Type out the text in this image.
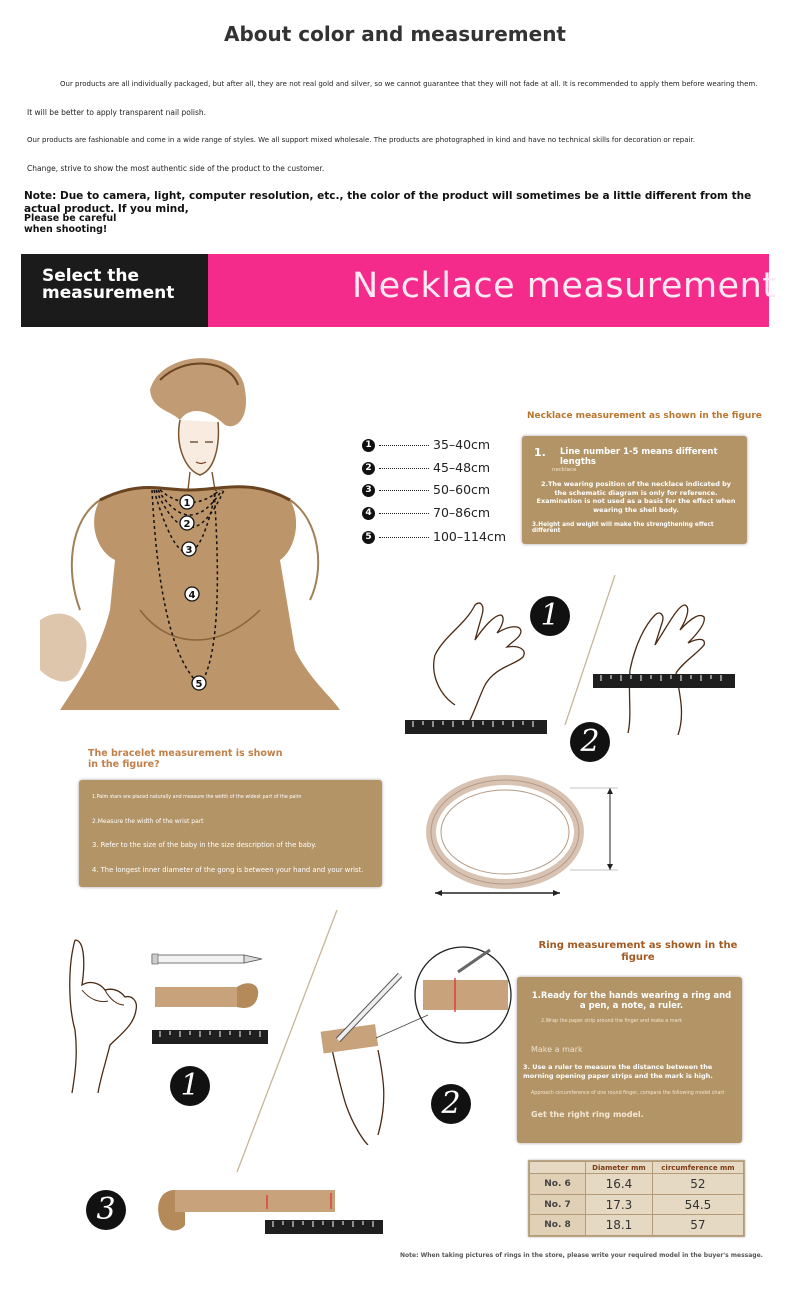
About color and measurement
Our products are all individually packaged, but after all, they are not real gold and silver, so we cannot guarantee that they will not fade at all. It is recommended to apply them before wearing them.
It will be better to apply transparent nail polish.
Our products are fashionable and come in a wide range of styles. We all support mixed wholesale. The products are photographed in kind and have no technical skills for decoration or repair.
Change, strive to show the most authentic side of the product to the customer.
Note: Due to camera, light, computer resolution, etc., the color of the product will sometimes be a little different from the actual product. If you mind,
Please be careful when shooting!
Select the measurement	Necklace measurement
1
2
3
4
5
1	35–40cm
2	45–48cm
3	50–60cm
4	70–86cm
5	100–114cm
Necklace measurement as shown in the figure
1. Line number 1-5 means different lengths
necklace
2.The wearing position of the necklace indicated by the schematic diagram is only for reference. Examination is not used as a basis for the effect when wearing the shell body.
3.Height and weight will make the strengthening effect different
1
2
The bracelet measurement is shown in the figure?
1.Palm stars are placed naturally and measure the width of the widest part of the palm
2.Measure the width of the wrist part
3. Refer to the size of the baby in the size description of the baby.
4. The longest inner diameter of the gong is between your hand and your wrist.
1
2
3
Ring measurement as shown in the figure
1.Ready for the hands wearing a ring and a pen, a note, a ruler.
2.Wrap the paper strip around the finger and make a mark
Make a mark
3. Use a ruler to measure the distance between the morning opening paper strips and the mark is high.
Approach circumference of one round finger, compare the following model chart
Get the right ring model.
	Diameter mm	circumference mm
No. 6	16.4	52
No. 7	17.3	54.5
No. 8	18.1	57
Note: When taking pictures of rings in the store, please write your required model in the buyer's message.
